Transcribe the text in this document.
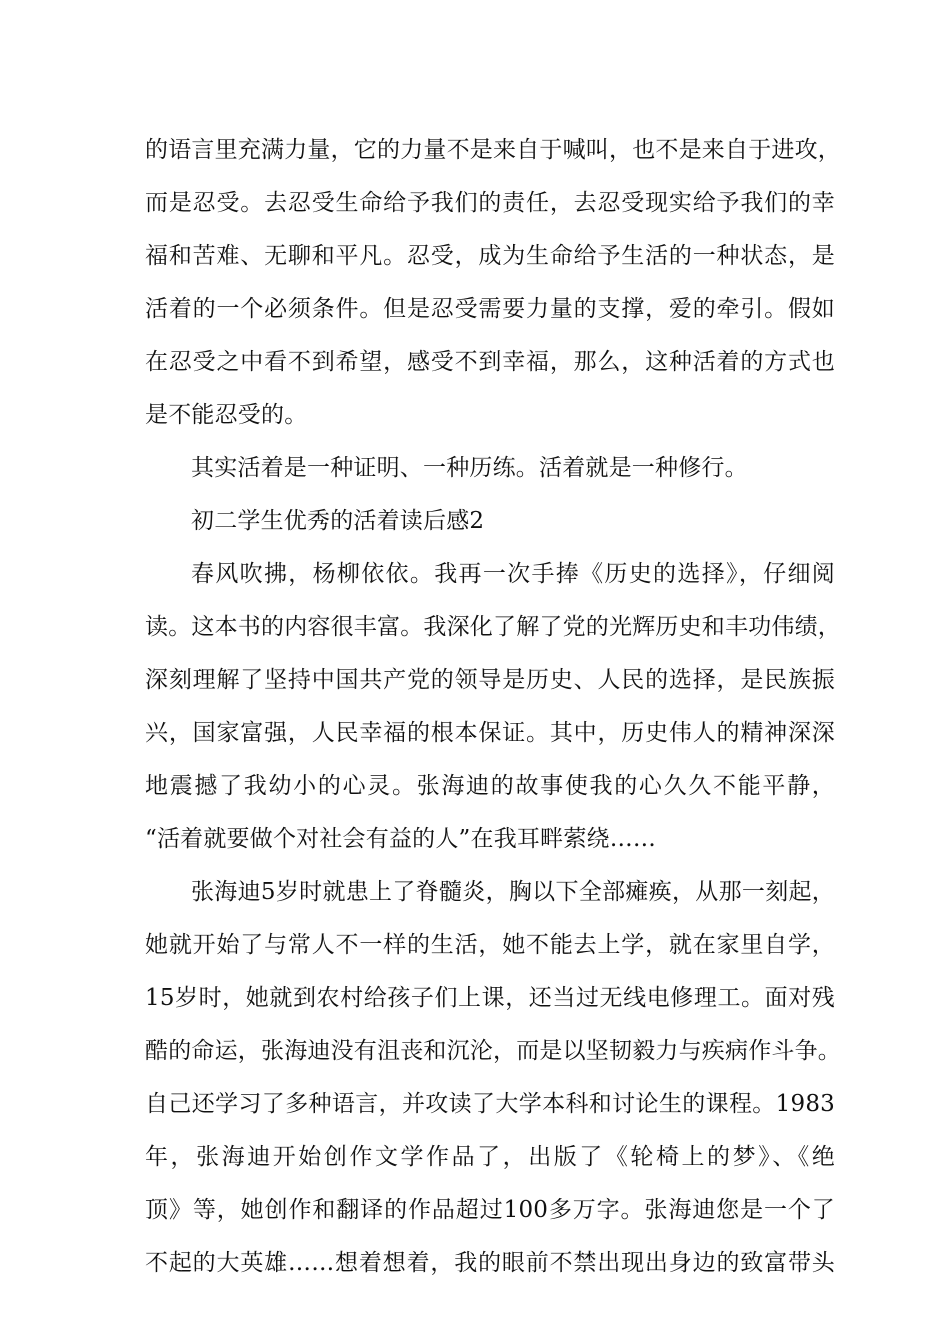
的语言里充满力量，它的力量不是来自于喊叫，也不是来自于进攻，
而是忍受。去忍受生命给予我们的责任，去忍受现实给予我们的幸
福和苦难、无聊和平凡。忍受，成为生命给予生活的一种状态，是
活着的一个必须条件。但是忍受需要力量的支撑，爱的牵引。假如
在忍受之中看不到希望，感受不到幸福，那么，这种活着的方式也
是不能忍受的。
其实活着是一种证明、一种历练。活着就是一种修行。
初二学生优秀的活着读后感2
春风吹拂，杨柳依依。我再一次手捧《历史的选择》，仔细阅
读。这本书的内容很丰富。我深化了解了党的光辉历史和丰功伟绩，
深刻理解了坚持中国共产党的领导是历史、人民的选择，是民族振
兴，国家富强，人民幸福的根本保证。其中，历史伟人的精神深深
地震撼了我幼小的心灵。张海迪的故事使我的心久久不能平静，
“活着就要做个对社会有益的人”在我耳畔萦绕……
张海迪5岁时就患上了脊髓炎，胸以下全部瘫痪，从那一刻起，
她就开始了与常人不一样的生活，她不能去上学，就在家里自学，
15岁时，她就到农村给孩子们上课，还当过无线电修理工。面对残
酷的命运，张海迪没有沮丧和沉沦，而是以坚韧毅力与疾病作斗争。
自己还学习了多种语言，并攻读了大学本科和讨论生的课程。1983
年，张海迪开始创作文学作品了，出版了《轮椅上的梦》、《绝
顶》等，她创作和翻译的作品超过100多万字。张海迪您是一个了
不起的大英雄……想着想着，我的眼前不禁出现出身边的致富带头
